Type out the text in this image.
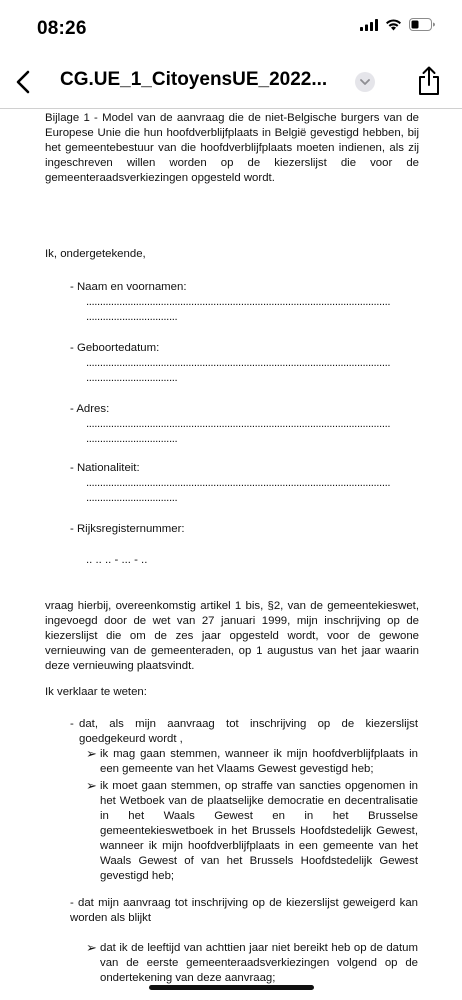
08:26
CG.UE_1_CitoyensUE_2022...
Bijlage 1 - Model van de aanvraag die de niet-Belgische burgers van de Europese Unie die hun hoofdverblijfplaats in België gevestigd hebben, bij het gemeentebestuur van die hoofdverblijfplaats moeten indienen, als zij ingeschreven willen worden op de kiezerslijst die voor de gemeenteraadsverkiezingen opgesteld wordt.
Ik, ondergetekende,
- Naam en voornamen:
..............................................................................................................
.................................
- Geboortedatum:
..............................................................................................................
.................................
- Adres:
..............................................................................................................
.................................
- Nationaliteit:
..............................................................................................................
.................................
- Rijksregisternummer:
.. .. .. - ... - ..
vraag hierbij, overeenkomstig artikel 1 bis, §2, van de gemeentekieswet, ingevoegd door de wet van 27 januari 1999, mijn inschrijving op de kiezerslijst die om de zes jaar opgesteld wordt, voor de gewone vernieuwing van de gemeenteraden, op 1 augustus van het jaar waarin deze vernieuwing plaatsvindt.
Ik verklaar te weten:
- dat, als mijn aanvraag tot inschrijving op de kiezerslijst goedgekeurd wordt ,
➢ ik mag gaan stemmen, wanneer ik mijn hoofdverblijfplaats in een gemeente van het Vlaams Gewest gevestigd heb;
➢ ik moet gaan stemmen, op straffe van sancties opgenomen in het Wetboek van de plaatselijke democratie en decentralisatie in het Waals Gewest en in het Brusselse gemeentekieswetboek in het Brussels Hoofdstedelijk Gewest, wanneer ik mijn hoofdverblijfplaats in een gemeente van het Waals Gewest of van het Brussels Hoofdstedelijk Gewest gevestigd heb;
- dat mijn aanvraag tot inschrijving op de kiezerslijst geweigerd kan worden als blijkt
➢ dat ik de leeftijd van achttien jaar niet bereikt heb op de datum van de eerste gemeenteraadsverkiezingen volgend op de ondertekening van deze aanvraag;
